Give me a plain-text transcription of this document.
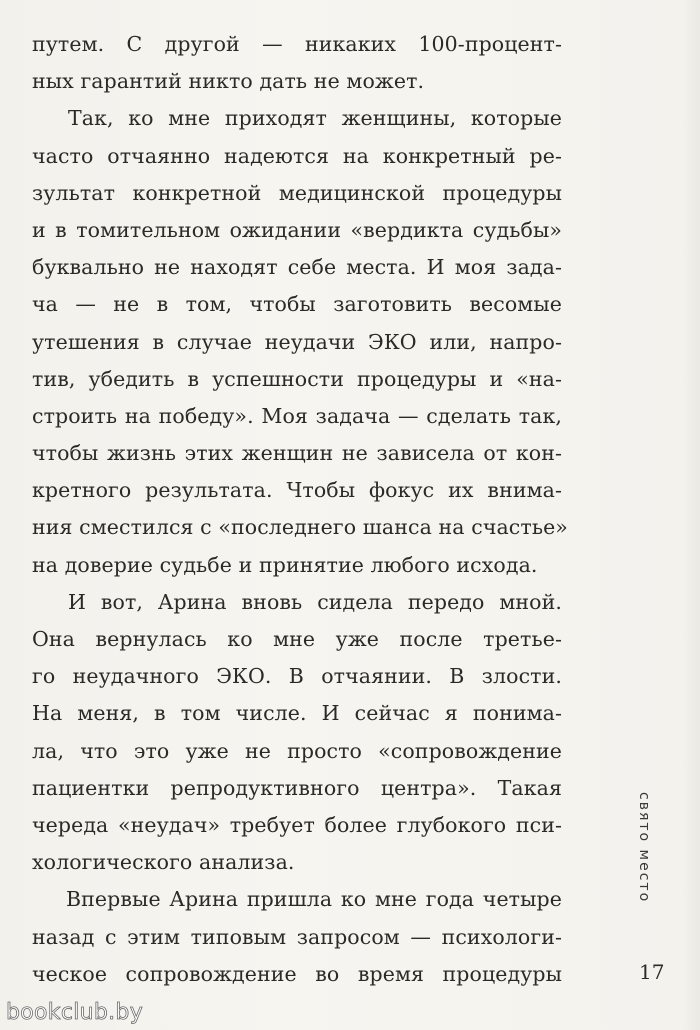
путем. С другой — никаких 100-процент-
ных гарантий никто дать не может.
Так, ко мне приходят женщины, которые
часто отчаянно надеются на конкретный ре-
зультат конкретной медицинской процедуры
и в томительном ожидании «вердикта судьбы»
буквально не находят себе места. И моя зада-
ча — не в том, чтобы заготовить весомые
утешения в случае неудачи ЭКО или, напро-
тив, убедить в успешности процедуры и «на-
строить на победу». Моя задача — сделать так,
чтобы жизнь этих женщин не зависела от кон-
кретного результата. Чтобы фокус их внима-
ния сместился с «последнего шанса на счастье»
на доверие судьбе и принятие любого исхода.
И вот, Арина вновь сидела передо мной.
Она вернулась ко мне уже после третье-
го неудачного ЭКО. В отчаянии. В злости.
На меня, в том числе. И сейчас я понима-
ла, что это уже не просто «сопровождение
пациентки репродуктивного центра». Такая
череда «неудач» требует более глубокого пси-
хологического анализа.
Впервые Арина пришла ко мне года четыре
назад с этим типовым запросом — психологи-
ческое сопровождение во время процедуры
свято место
17
bookclub.by
